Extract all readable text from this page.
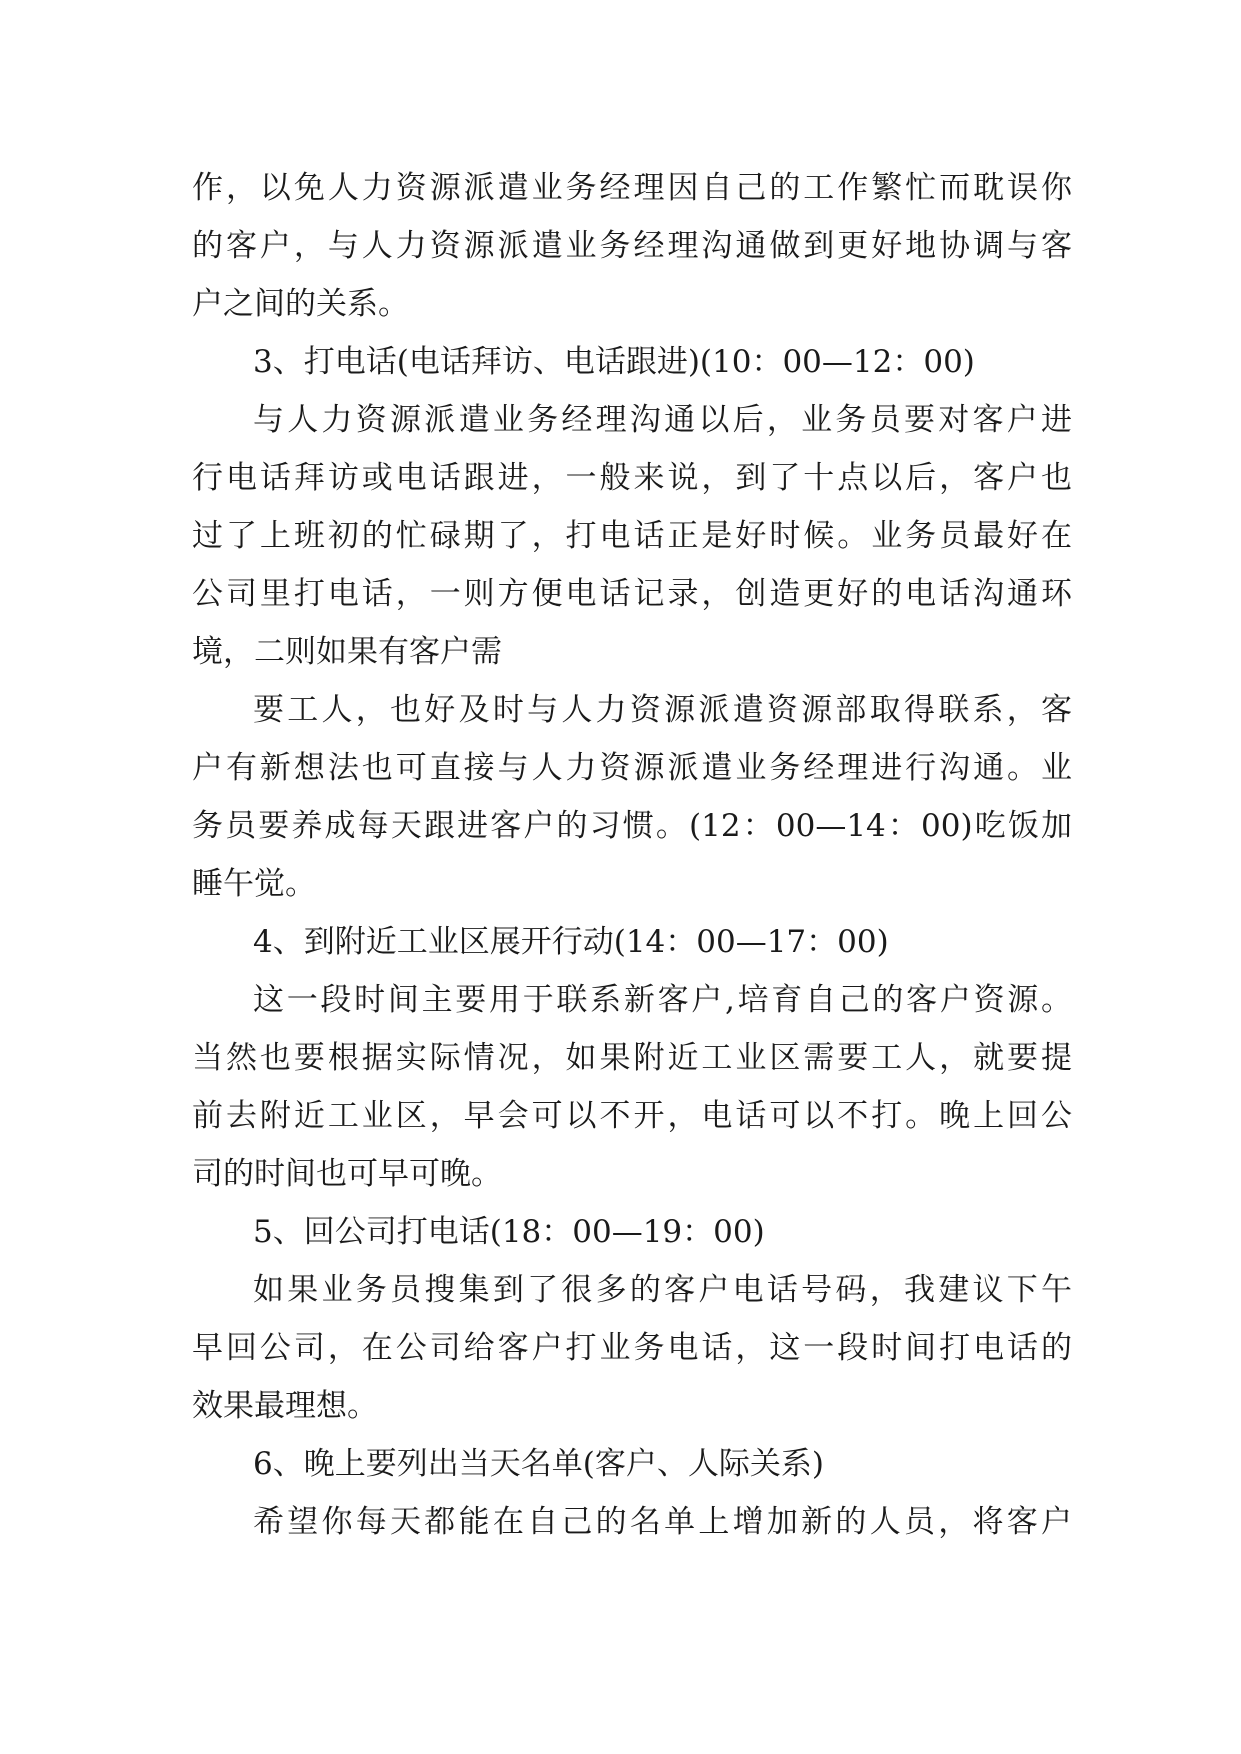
作，以免人力资源派遣业务经理因自己的工作繁忙而耽误你
的客户，与人力资源派遣业务经理沟通做到更好地协调与客
户之间的关系。
3、打电话(电话拜访、电话跟进)(10：00—12：00)
与人力资源派遣业务经理沟通以后，业务员要对客户进
行电话拜访或电话跟进，一般来说，到了十点以后，客户也
过了上班初的忙碌期了，打电话正是好时候。业务员最好在
公司里打电话，一则方便电话记录，创造更好的电话沟通环
境，二则如果有客户需
要工人，也好及时与人力资源派遣资源部取得联系，客
户有新想法也可直接与人力资源派遣业务经理进行沟通。业
务员要养成每天跟进客户的习惯。(12：00—14：00)吃饭加
睡午觉。
4、到附近工业区展开行动(14：00—17：00)
这一段时间主要用于联系新客户,培育自己的客户资源。
当然也要根据实际情况，如果附近工业区需要工人，就要提
前去附近工业区，早会可以不开，电话可以不打。晚上回公
司的时间也可早可晚。
5、回公司打电话(18：00—19：00)
如果业务员搜集到了很多的客户电话号码，我建议下午
早回公司，在公司给客户打业务电话，这一段时间打电话的
效果最理想。
6、晚上要列出当天名单(客户、人际关系)
希望你每天都能在自己的名单上增加新的人员，将客户
